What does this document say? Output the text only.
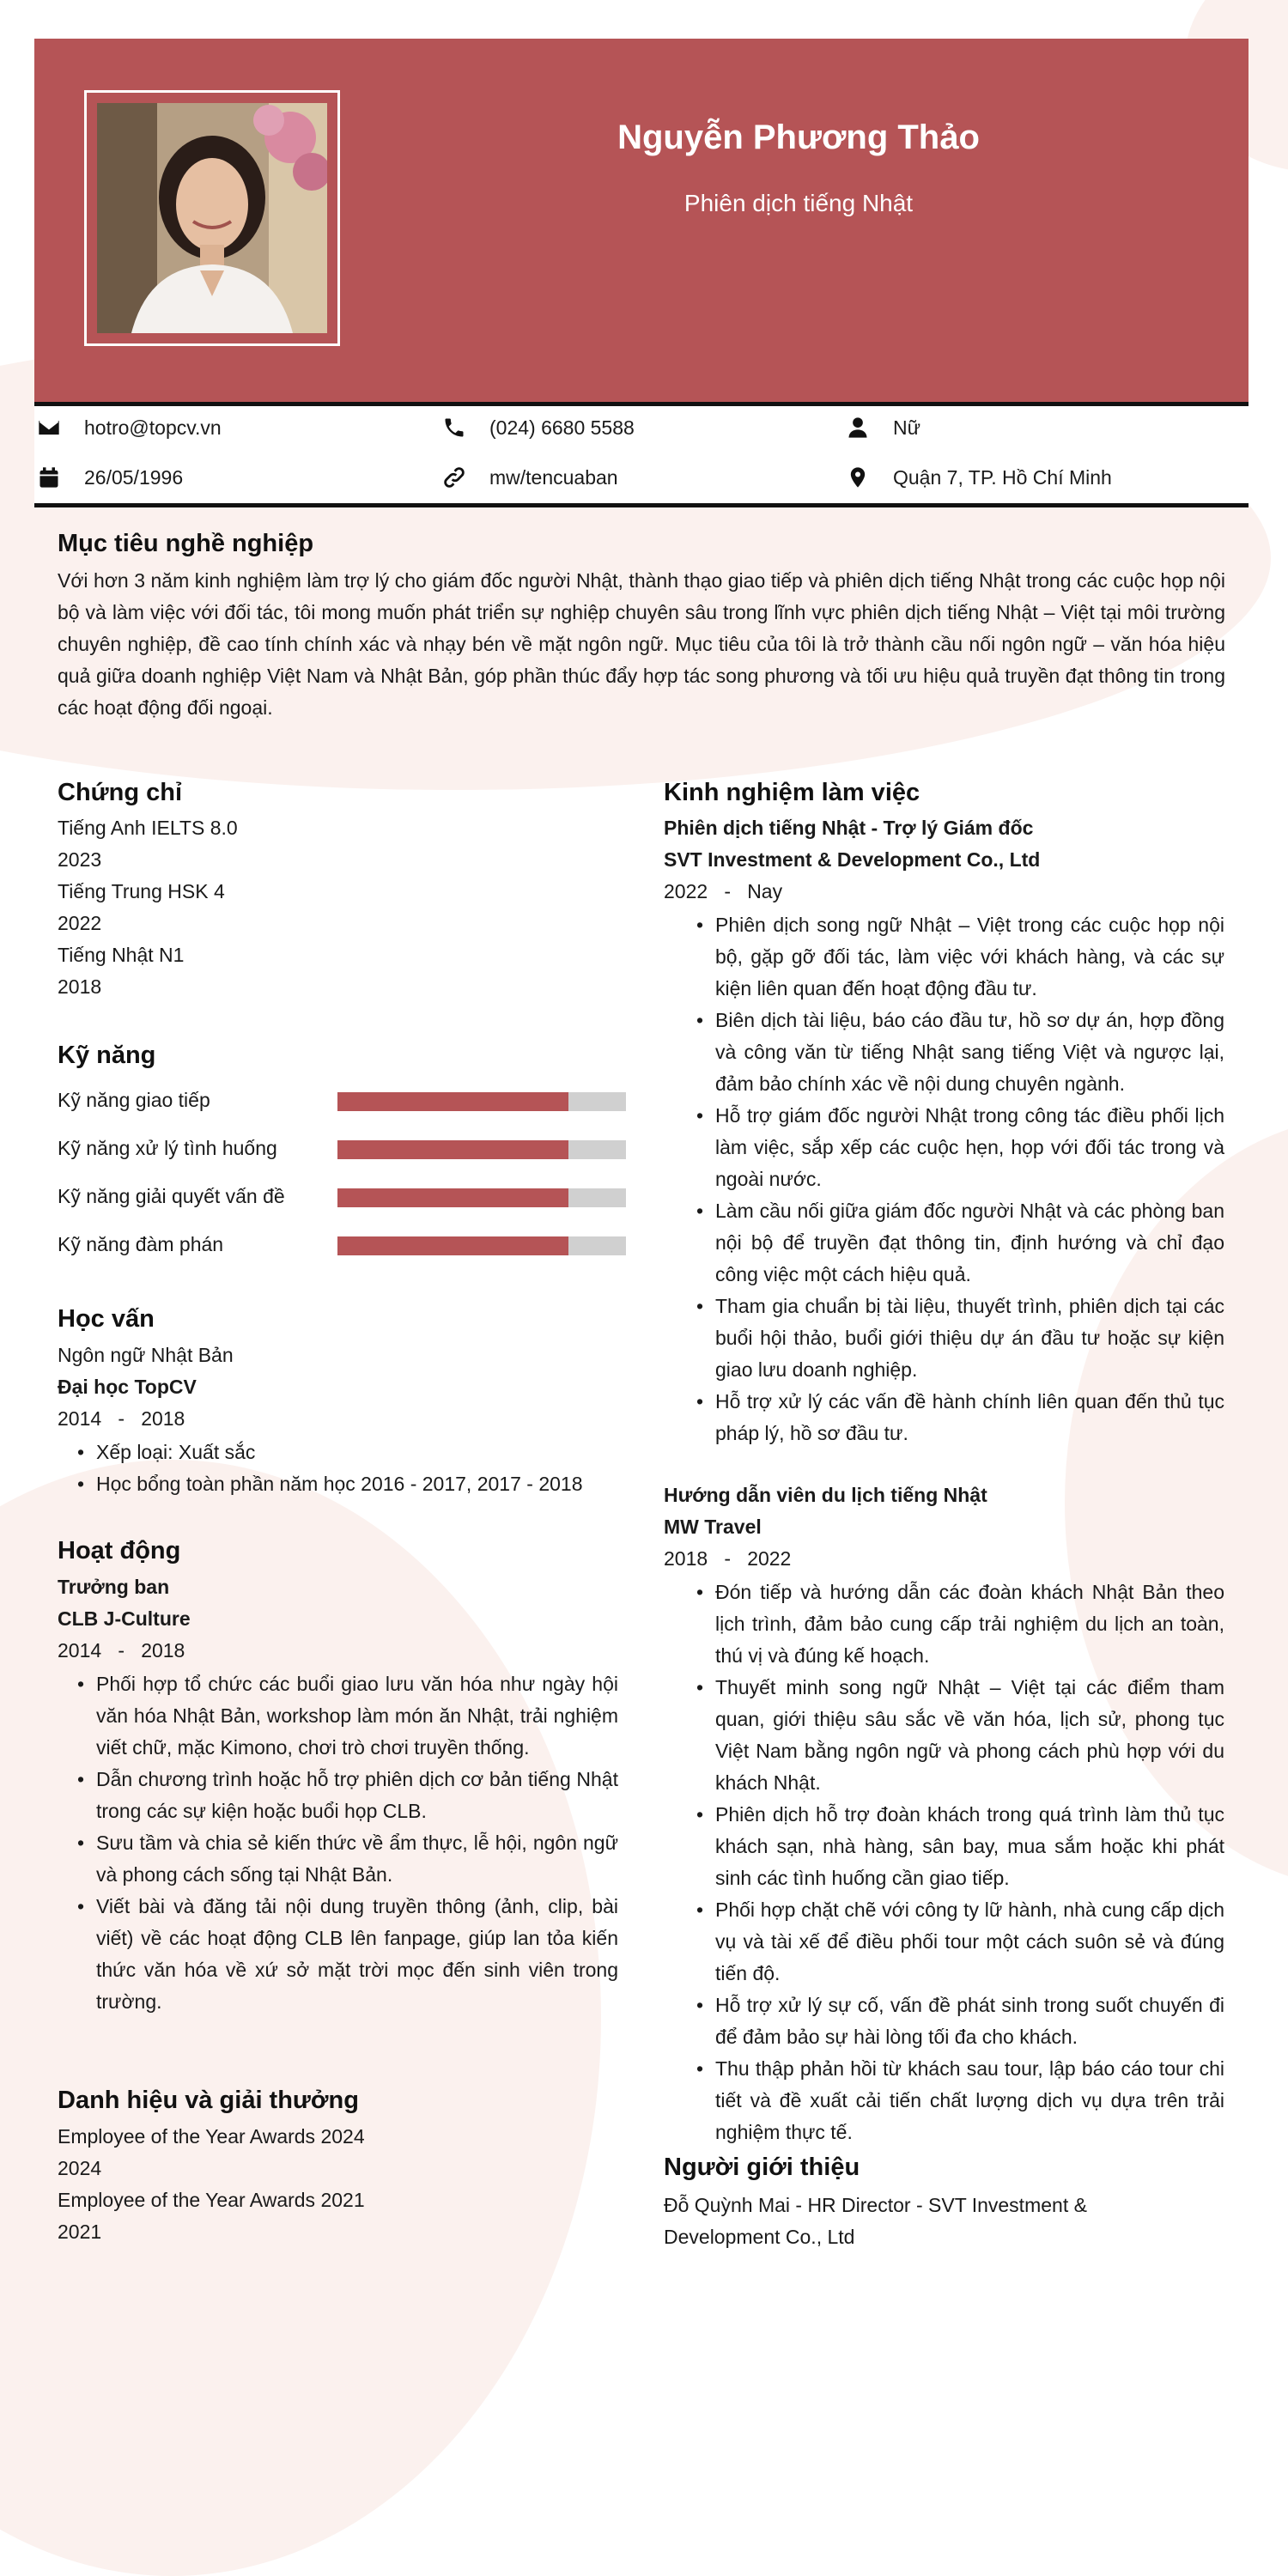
Nguyễn Phương Thảo
Phiên dịch tiếng Nhật
hotro@topcv.vn	(024) 6680 5588	Nữ
26/05/1996	mw/tencuaban	Quận 7, TP. Hồ Chí Minh
Mục tiêu nghề nghiệp
Với hơn 3 năm kinh nghiệm làm trợ lý cho giám đốc người Nhật, thành thạo giao tiếp và phiên dịch tiếng Nhật trong các cuộc họp nội bộ và làm việc với đối tác, tôi mong muốn phát triển sự nghiệp chuyên sâu trong lĩnh vực phiên dịch tiếng Nhật – Việt tại môi trường chuyên nghiệp, đề cao tính chính xác và nhạy bén về mặt ngôn ngữ. Mục tiêu của tôi là trở thành cầu nối ngôn ngữ – văn hóa hiệu quả giữa doanh nghiệp Việt Nam và Nhật Bản, góp phần thúc đẩy hợp tác song phương và tối ưu hiệu quả truyền đạt thông tin trong các hoạt động đối ngoại.
Chứng chỉ
Tiếng Anh IELTS 8.0
2023
Tiếng Trung HSK 4
2022
Tiếng Nhật N1
2018
Kỹ năng
Kỹ năng giao tiếp
Kỹ năng xử lý tình huống
Kỹ năng giải quyết vấn đề
Kỹ năng đàm phán
Học vấn
Ngôn ngữ Nhật Bản
Đại học TopCV
2014 - 2018
• Xếp loại: Xuất sắc
• Học bổng toàn phần năm học 2016 - 2017, 2017 - 2018
Hoạt động
Trưởng ban
CLB J-Culture
2014 - 2018
• Phối hợp tổ chức các buổi giao lưu văn hóa như ngày hội văn hóa Nhật Bản, workshop làm món ăn Nhật, trải nghiệm viết chữ, mặc Kimono, chơi trò chơi truyền thống.
• Dẫn chương trình hoặc hỗ trợ phiên dịch cơ bản tiếng Nhật trong các sự kiện hoặc buổi họp CLB.
• Sưu tầm và chia sẻ kiến thức về ẩm thực, lễ hội, ngôn ngữ và phong cách sống tại Nhật Bản.
• Viết bài và đăng tải nội dung truyền thông (ảnh, clip, bài viết) về các hoạt động CLB lên fanpage, giúp lan tỏa kiến thức văn hóa về xứ sở mặt trời mọc đến sinh viên trong trường.
Danh hiệu và giải thưởng
Employee of the Year Awards 2024
2024
Employee of the Year Awards 2021
2021
Kinh nghiệm làm việc
Phiên dịch tiếng Nhật - Trợ lý Giám đốc
SVT Investment & Development Co., Ltd
2022 - Nay
• Phiên dịch song ngữ Nhật – Việt trong các cuộc họp nội bộ, gặp gỡ đối tác, làm việc với khách hàng, và các sự kiện liên quan đến hoạt động đầu tư.
• Biên dịch tài liệu, báo cáo đầu tư, hồ sơ dự án, hợp đồng và công văn từ tiếng Nhật sang tiếng Việt và ngược lại, đảm bảo chính xác về nội dung chuyên ngành.
• Hỗ trợ giám đốc người Nhật trong công tác điều phối lịch làm việc, sắp xếp các cuộc hẹn, họp với đối tác trong và ngoài nước.
• Làm cầu nối giữa giám đốc người Nhật và các phòng ban nội bộ để truyền đạt thông tin, định hướng và chỉ đạo công việc một cách hiệu quả.
• Tham gia chuẩn bị tài liệu, thuyết trình, phiên dịch tại các buổi hội thảo, buổi giới thiệu dự án đầu tư hoặc sự kiện giao lưu doanh nghiệp.
• Hỗ trợ xử lý các vấn đề hành chính liên quan đến thủ tục pháp lý, hồ sơ đầu tư.
Hướng dẫn viên du lịch tiếng Nhật
MW Travel
2018 - 2022
• Đón tiếp và hướng dẫn các đoàn khách Nhật Bản theo lịch trình, đảm bảo cung cấp trải nghiệm du lịch an toàn, thú vị và đúng kế hoạch.
• Thuyết minh song ngữ Nhật – Việt tại các điểm tham quan, giới thiệu sâu sắc về văn hóa, lịch sử, phong tục Việt Nam bằng ngôn ngữ và phong cách phù hợp với du khách Nhật.
• Phiên dịch hỗ trợ đoàn khách trong quá trình làm thủ tục khách sạn, nhà hàng, sân bay, mua sắm hoặc khi phát sinh các tình huống cần giao tiếp.
• Phối hợp chặt chẽ với công ty lữ hành, nhà cung cấp dịch vụ và tài xế để điều phối tour một cách suôn sẻ và đúng tiến độ.
• Hỗ trợ xử lý sự cố, vấn đề phát sinh trong suốt chuyến đi để đảm bảo sự hài lòng tối đa cho khách.
• Thu thập phản hồi từ khách sau tour, lập báo cáo tour chi tiết và đề xuất cải tiến chất lượng dịch vụ dựa trên trải nghiệm thực tế.
Người giới thiệu
Đỗ Quỳnh Mai - HR Director - SVT Investment & Development Co., Ltd
